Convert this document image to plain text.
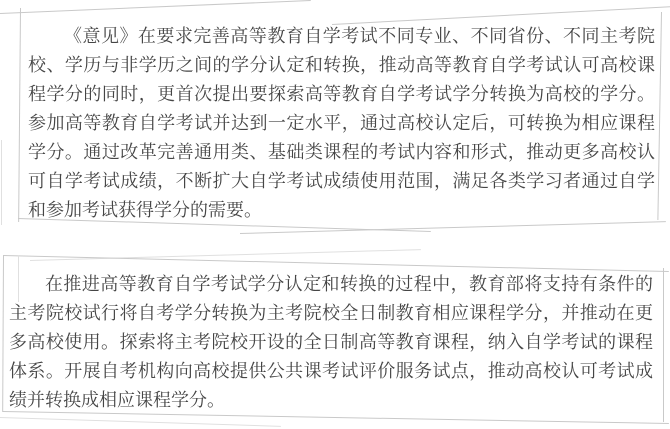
《意见》在要求完善高等教育自学考试不同专业、不同省份、不同主考院校、学历与非学历之间的学分认定和转换，推动高等教育自学考试认可高校课程学分的同时，更首次提出要探索高等教育自学考试学分转换为高校的学分。参加高等教育自学考试并达到一定水平，通过高校认定后，可转换为相应课程学分。通过改革完善通用类、基础类课程的考试内容和形式，推动更多高校认可自学考试成绩，不断扩大自学考试成绩使用范围，满足各类学习者通过自学和参加考试获得学分的需要。

在推进高等教育自学考试学分认定和转换的过程中，教育部将支持有条件的主考院校试行将自考学分转换为主考院校全日制教育相应课程学分，并推动在更多高校使用。探索将主考院校开设的全日制高等教育课程，纳入自学考试的课程体系。开展自考机构向高校提供公共课考试评价服务试点，推动高校认可考试成绩并转换成相应课程学分。
